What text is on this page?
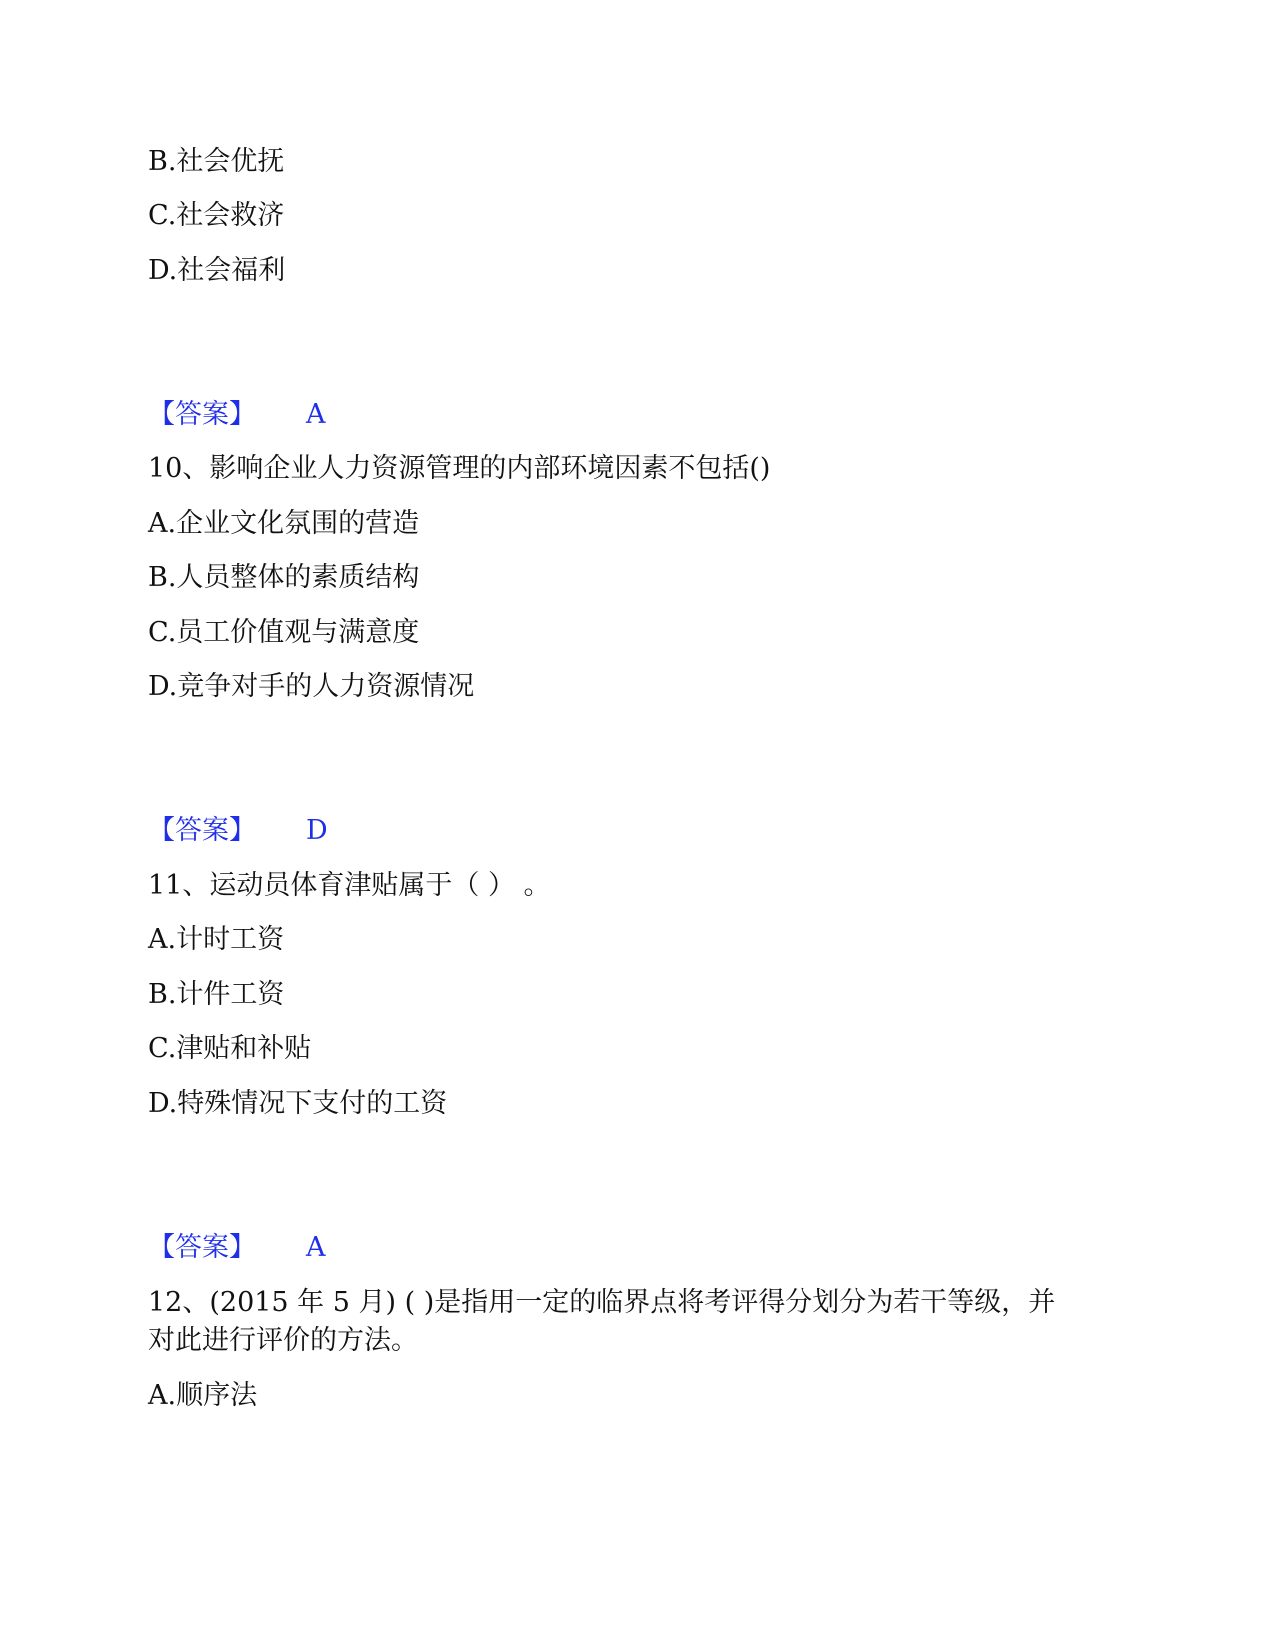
B.社会优抚
C.社会救济
D.社会福利
【答案】 A
10、影响企业人力资源管理的内部环境因素不包括()
A.企业文化氛围的营造
B.人员整体的素质结构
C.员工价值观与满意度
D.竞争对手的人力资源情况
【答案】 D
11、运动员体育津贴属于（ ） 。
A.计时工资
B.计件工资
C.津贴和补贴
D.特殊情况下支付的工资
【答案】 A
12、(2015 年 5 月) ( )是指用一定的临界点将考评得分划分为若干等级，并
对此进行评价的方法。
A.顺序法
